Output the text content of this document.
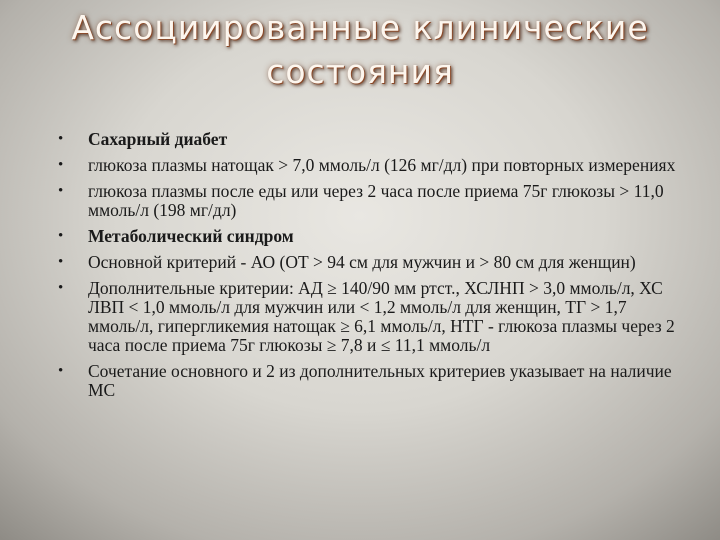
Ассоциированные клинические
состояния
• Сахарный диабет
• глюкоза плазмы натощак > 7,0 ммоль/л (126 мг/дл) при повторных измерениях
• глюкоза плазмы после еды или через 2 часа после приема 75г глюкозы > 11,0 ммоль/л (198 мг/дл)
• Метаболический синдром
• Основной критерий - АО (ОТ > 94 см для мужчин и > 80 см для женщин)
• Дополнительные критерии: АД ≥ 140/90 мм ртст., ХСЛНП > 3,0 ммоль/л, ХС ЛВП < 1,0 ммоль/л для мужчин или < 1,2 ммоль/л для женщин, ТГ > 1,7 ммоль/л, гипергликемия натощак ≥ 6,1 ммоль/л, НТГ - глюкоза плазмы через 2 часа после приема 75г глюкозы ≥ 7,8 и ≤ 11,1 ммоль/л
• Сочетание основного и 2 из дополнительных критериев указывает на наличие МС
